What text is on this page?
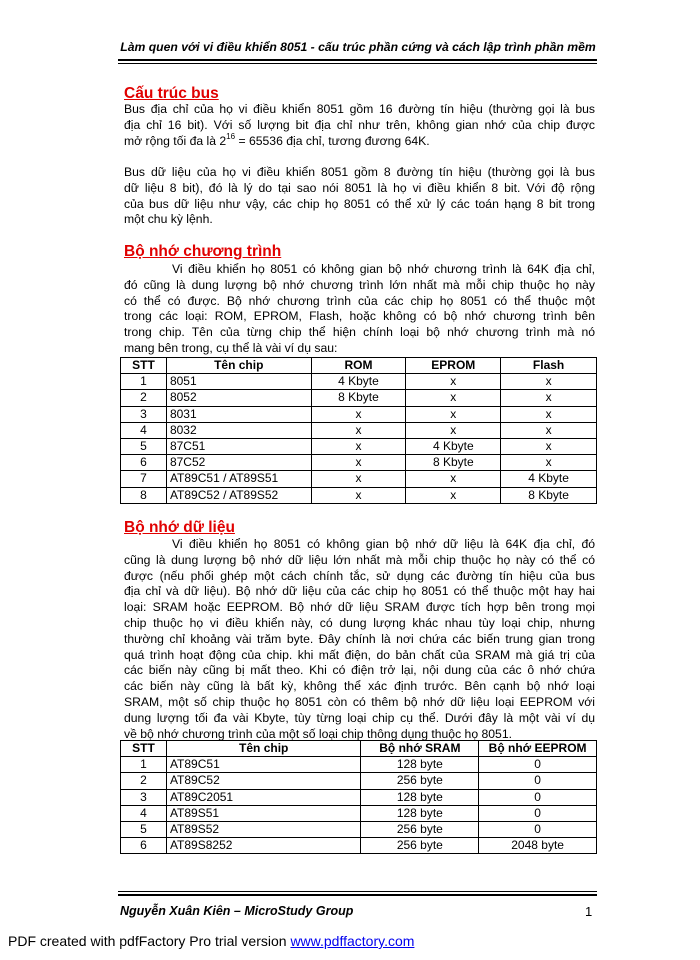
Làm quen với vi điều khiển 8051 - cấu trúc phần cứng và cách lập trình phần mềm
Cấu trúc bus
Bus địa chỉ của họ vi điều khiển 8051 gồm 16 đường tín hiệu (thường gọi là bus
địa chỉ 16 bit). Với số lượng bit địa chỉ như trên, không gian nhớ của chip được
mở rộng tối đa là $2^{16} = 65536$ địa chỉ, tương đương 64K.
Bus dữ liệu của họ vi điều khiển 8051 gồm 8 đường tín hiệu (thường gọi là bus
dữ liệu 8 bit), đó là lý do tại sao nói 8051 là họ vi điều khiển 8 bit. Với độ rộng
của bus dữ liệu như vậy, các chip họ 8051 có thể xử lý các toán hạng 8 bit trong
một chu kỳ lệnh.
Bộ nhớ chương trình
Vi điều khiển họ 8051 có không gian bộ nhớ chương trình là 64K địa chỉ,
đó cũng là dung lượng bộ nhớ chương trình lớn nhất mà mỗi chip thuộc họ này
có thể có được. Bộ nhớ chương trình của các chip họ 8051 có thể thuộc một
trong các loại: ROM, EPROM, Flash, hoặc không có bộ nhớ chương trình bên
trong chip. Tên của từng chip thể hiện chính loại bộ nhớ chương trình mà nó
mang bên trong, cụ thể là vài ví dụ sau:
STT	Tên chip	ROM	EPROM	Flash
1	8051	4 Kbyte	x	x
2	8052	8 Kbyte	x	x
3	8031	x	x	x
4	8032	x	x	x
5	87C51	x	4 Kbyte	x
6	87C52	x	8 Kbyte	x
7	AT89C51 / AT89S51	x	x	4 Kbyte
8	AT89C52 / AT89S52	x	x	8 Kbyte
Bộ nhớ dữ liệu
Vi điều khiển họ 8051 có không gian bộ nhớ dữ liệu là 64K địa chỉ, đó
cũng là dung lượng bộ nhớ dữ liệu lớn nhất mà mỗi chip thuộc họ này có thể có
được (nếu phối ghép một cách chính tắc, sử dụng các đường tín hiệu của bus
địa chỉ và dữ liệu). Bộ nhớ dữ liệu của các chip họ 8051 có thể thuộc một hay hai
loại: SRAM hoặc EEPROM. Bộ nhớ dữ liệu SRAM được tích hợp bên trong mọi
chip thuộc họ vi điều khiển này, có dung lượng khác nhau tùy loại chip, nhưng
thường chỉ khoảng vài trăm byte. Đây chính là nơi chứa các biến trung gian trong
quá trình hoạt động của chip. khi mất điện, do bản chất của SRAM mà giá trị của
các biến này cũng bị mất theo. Khi có điện trở lại, nội dung của các ô nhớ chứa
các biến này cũng là bất kỳ, không thể xác định trước. Bên cạnh bộ nhớ loại
SRAM, một số chip thuộc họ 8051 còn có thêm bộ nhớ dữ liệu loại EEPROM với
dung lượng tối đa vài Kbyte, tùy từng loại chip cụ thể. Dưới đây là một vài ví dụ
về bộ nhớ chương trình của một số loại chip thông dụng thuộc họ 8051.
STT	Tên chip	Bộ nhớ SRAM	Bộ nhớ EEPROM
1	AT89C51	128 byte	0
2	AT89C52	256 byte	0
3	AT89C2051	128 byte	0
4	AT89S51	128 byte	0
5	AT89S52	256 byte	0
6	AT89S8252	256 byte	2048 byte
Nguyễn Xuân Kiên – MicroStudy Group	1
PDF created with pdfFactory Pro trial version www.pdffactory.com
